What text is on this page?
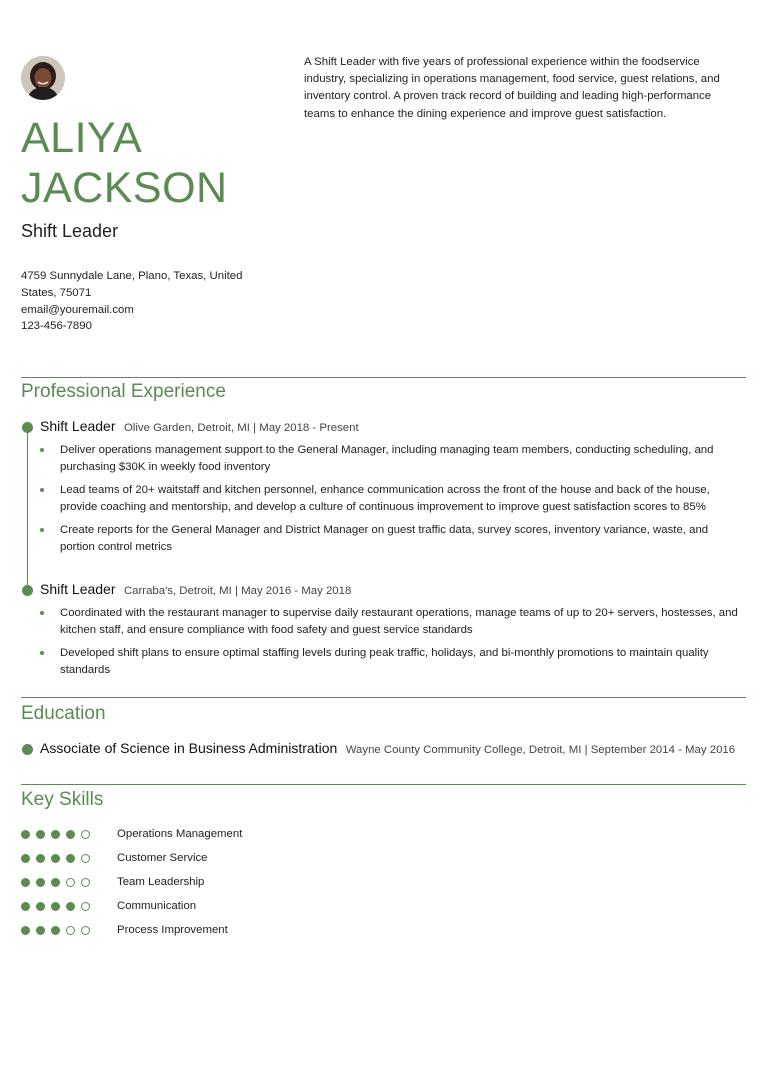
A Shift Leader with five years of professional experience within the foodservice industry, specializing in operations management, food service, guest relations, and inventory control. A proven track record of building and leading high-performance teams to enhance the dining experience and improve guest satisfaction.
ALIYA
JACKSON
Shift Leader
4759 Sunnydale Lane, Plano, Texas, United States, 75071
email@youremail.com
123-456-7890
Professional Experience
Shift Leader Olive Garden, Detroit, MI | May 2018 - Present
Deliver operations management support to the General Manager, including managing team members, conducting scheduling, and purchasing $30K in weekly food inventory
Lead teams of 20+ waitstaff and kitchen personnel, enhance communication across the front of the house and back of the house, provide coaching and mentorship, and develop a culture of continuous improvement to improve guest satisfaction scores to 85%
Create reports for the General Manager and District Manager on guest traffic data, survey scores, inventory variance, waste, and portion control metrics
Shift Leader Carraba's, Detroit, MI | May 2016 - May 2018
Coordinated with the restaurant manager to supervise daily restaurant operations, manage teams of up to 20+ servers, hostesses, and kitchen staff, and ensure compliance with food safety and guest service standards
Developed shift plans to ensure optimal staffing levels during peak traffic, holidays, and bi-monthly promotions to maintain quality standards
Education
Associate of Science in Business Administration Wayne County Community College, Detroit, MI | September 2014 - May 2016
Key Skills
Operations Management
Customer Service
Team Leadership
Communication
Process Improvement
